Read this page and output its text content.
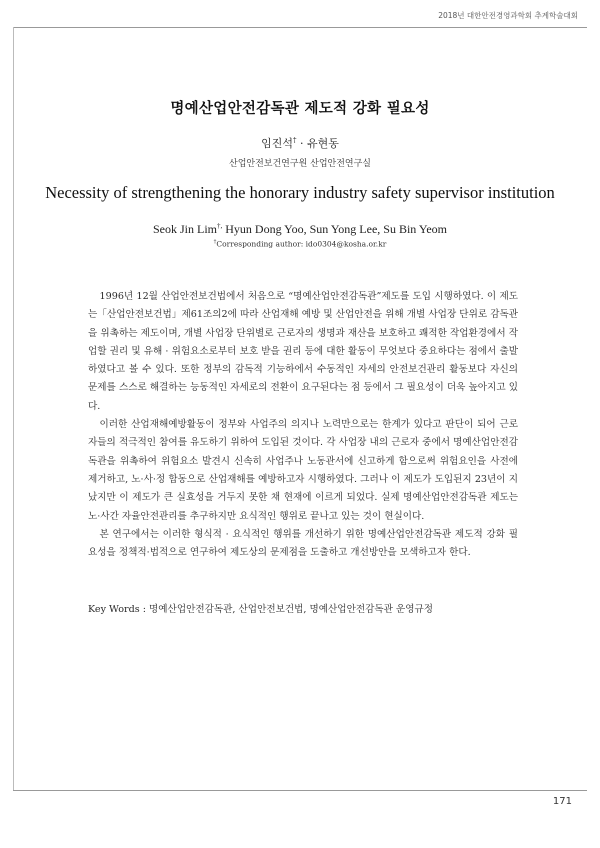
2018년 대한안전경영과학회 추계학술대회
명예산업안전감독관 제도적 강화 필요성
임진석† · 유현동
산업안전보건연구원 산업안전연구실
Necessity of strengthening the honorary industry safety supervisor institution
Seok Jin Lim†, Hyun Dong Yoo, Sun Yong Lee, Su Bin Yeom
†Corresponding author: ido0304@kosha.or.kr

1996년 12월 산업안전보건법에서 처음으로 “명예산업안전감독관”제도를 도입 시행하였다. 이 제도는「산업안전보건법」제61조의2에 따라 산업재해 예방 및 산업안전을 위해 개별 사업장 단위로 감독관을 위촉하는 제도이며, 개별 사업장 단위별로 근로자의 생명과 재산을 보호하고 쾌적한 작업환경에서 작업할 권리 및 유해 · 위험요소로부터 보호 받을 권리 등에 대한 활동이 무엇보다 중요하다는 점에서 출발하였다고 볼 수 있다. 또한 정부의 감독적 기능하에서 수동적인 자세의 안전보건관리 활동보다 자신의 문제를 스스로 해결하는 능동적인 자세로의 전환이 요구된다는 점 등에서 그 필요성이 더욱 높아지고 있다.

이러한 산업재해예방활동이 정부와 사업주의 의지나 노력만으로는 한계가 있다고 판단이 되어 근로자들의 적극적인 참여를 유도하기 위하여 도입된 것이다. 각 사업장 내의 근로자 중에서 명예산업안전감독관을 위촉하여 위험요소 발견시 신속히 사업주나 노동관서에 신고하게 함으로써 위험요인을 사전에 제거하고, 노·사·정 합동으로 산업재해를 예방하고자 시행하였다. 그러나 이 제도가 도입된지 23년이 지났지만 이 제도가 큰 실효성을 거두지 못한 채 현재에 이르게 되었다. 실제 명예산업안전감독관 제도는 노·사간 자율안전관리를 추구하지만 요식적인 행위로 끝나고 있는 것이 현실이다.

본 연구에서는 이러한 형식적 · 요식적인 행위를 개선하기 위한 명예산업안전감독관 제도적 강화 필요성을 정책적·법적으로 연구하여 제도상의 문제점을 도출하고 개선방안을 모색하고자 한다.

Key Words : 명예산업안전감독관, 산업안전보건법, 명예산업안전감독관 운영규정
171
